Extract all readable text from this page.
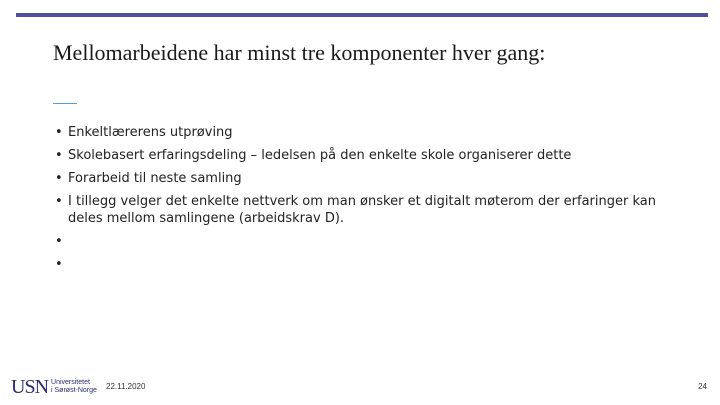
Mellomarbeidene har minst tre komponenter hver gang:
• Enkeltlærerens utprøving
• Skolebasert erfaringsdeling – ledelsen på den enkelte skole organiserer dette
• Forarbeid til neste samling
• I tillegg velger det enkelte nettverk om man ønsker et digitalt møterom der erfaringer kan deles mellom samlingene (arbeidskrav D).
•
•
USN Universitetet
i Sørøst-Norge 22.11.2020	24
